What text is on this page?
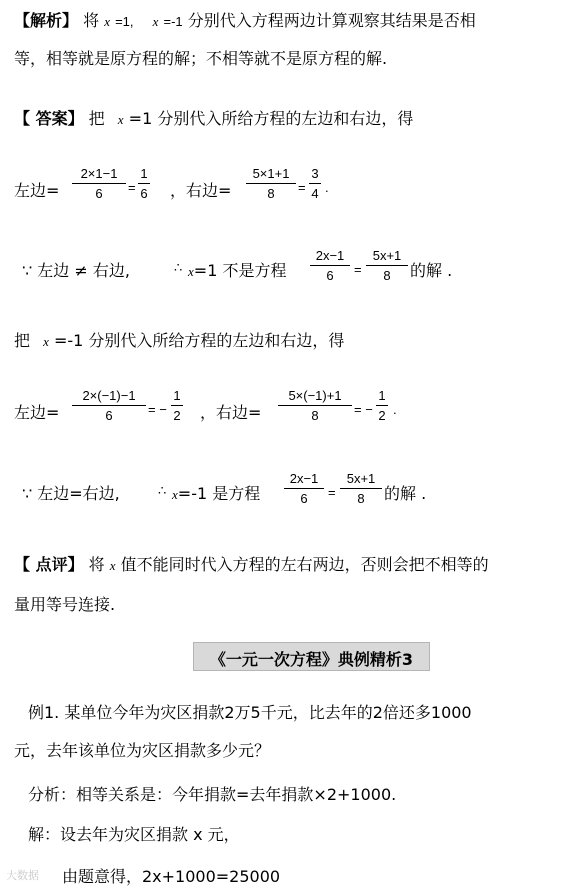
【解析】 将 x =1, x =-1 分别代入方程两边计算观察其结果是否相
等，相等就是原方程的解；不相等就不是原方程的解.
【 答案】 把 x =1 分别代入所给方程的左边和右边，得
左边=
2×1−1
6	=
1
6 ，右边=
5×1+1
8	=
3
4 .
∵ 左边 ≠ 右边,	∴ x=1 不是方程
2x−1
6	=
5x+1
8	的解 .
把 x =-1 分别代入所给方程的左边和右边，得
左边=
2×(−1)−1
6	= −
1
2 ，右边=
5×(−1)+1
8	= −
1
2 .
∵ 左边=右边,	∴ x=-1 是方程
2x−1
6	=
5x+1
8	的解 .
【 点评】 将 x 值不能同时代入方程的左右两边，否则会把不相等的
量用等号连接.
《一元一次方程》典例精析3
例1. 某单位今年为灾区捐款2万5千元，比去年的2倍还多1000
元，去年该单位为灾区捐款多少元？
分析：相等关系是：今年捐款=去年捐款×2+1000.
解：设去年为灾区捐款 x 元，
由题意得，2x+1000=25000
大数据
